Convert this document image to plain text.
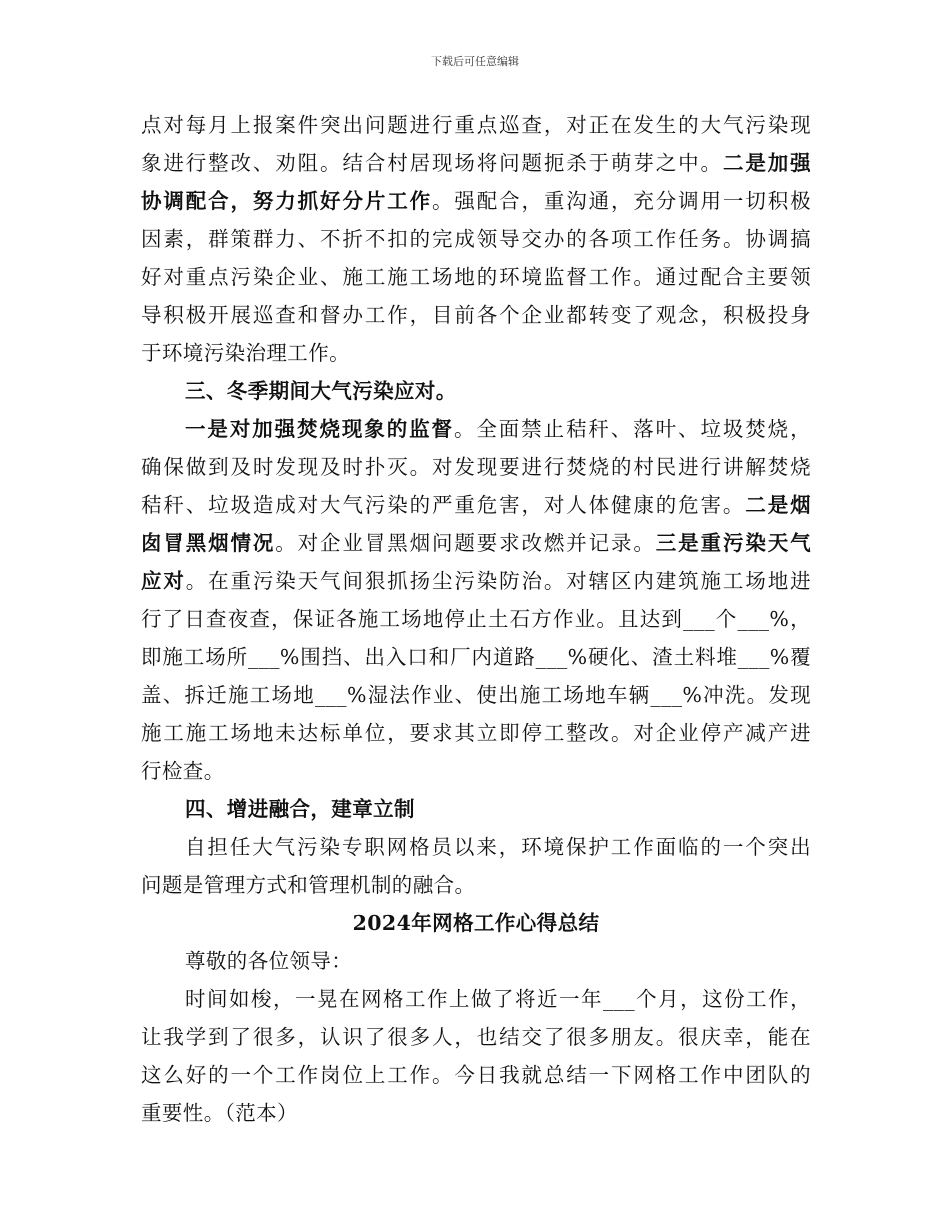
下载后可任意编辑
点对每月上报案件突出问题进行重点巡查，对正在发生的大气污染现
象进行整改、劝阻。结合村居现场将问题扼杀于萌芽之中。二是加强
协调配合，努力抓好分片工作。强配合，重沟通，充分调用一切积极
因素，群策群力、不折不扣的完成领导交办的各项工作任务。协调搞
好对重点污染企业、施工施工场地的环境监督工作。通过配合主要领
导积极开展巡查和督办工作，目前各个企业都转变了观念，积极投身
于环境污染治理工作。
三、冬季期间大气污染应对。
一是对加强焚烧现象的监督。全面禁止秸秆、落叶、垃圾焚烧，
确保做到及时发现及时扑灭。对发现要进行焚烧的村民进行讲解焚烧
秸秆、垃圾造成对大气污染的严重危害，对人体健康的危害。二是烟
囱冒黑烟情况。对企业冒黑烟问题要求改燃并记录。三是重污染天气
应对。在重污染天气间狠抓扬尘污染防治。对辖区内建筑施工场地进
行了日查夜查，保证各施工场地停止土石方作业。且达到___个___%，
即施工场所___%围挡、出入口和厂内道路___%硬化、渣土料堆___%覆
盖、拆迁施工场地___%湿法作业、使出施工场地车辆___%冲洗。发现
施工施工场地未达标单位，要求其立即停工整改。对企业停产减产进
行检查。
四、增进融合，建章立制
自担任大气污染专职网格员以来，环境保护工作面临的一个突出
问题是管理方式和管理机制的融合。
2024年网格工作心得总结
尊敬的各位领导：
时间如梭，一晃在网格工作上做了将近一年___个月，这份工作，
让我学到了很多，认识了很多人，也结交了很多朋友。很庆幸，能在
这么好的一个工作岗位上工作。今日我就总结一下网格工作中团队的
重要性。（范本）
